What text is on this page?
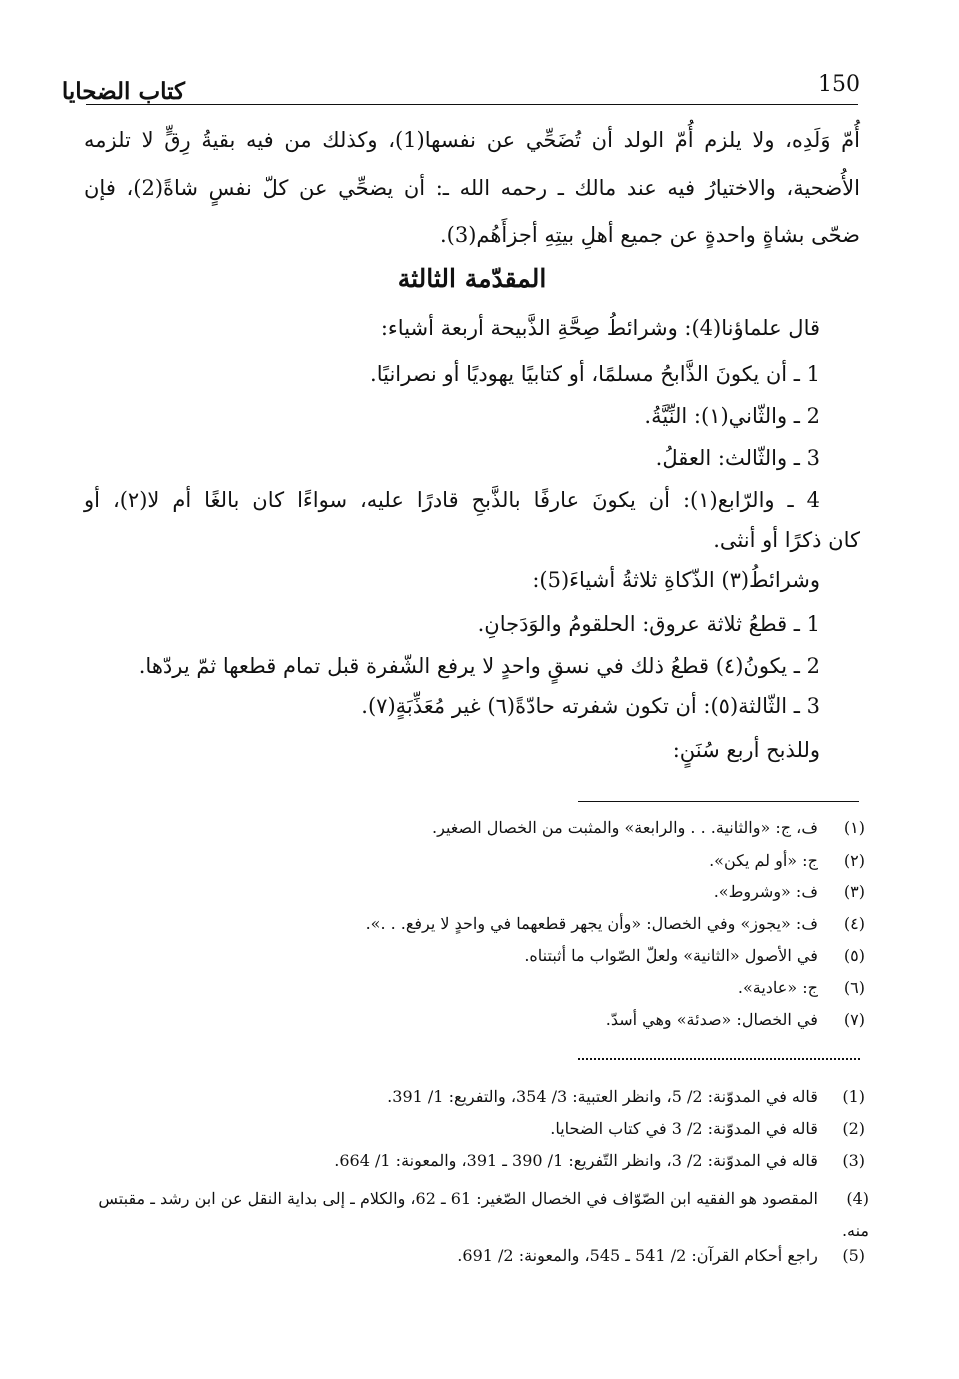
كتاب الضحايا	150
أُمّ وَلَدِه، ولا يلزم أُمّ الولد أن تُضَحِّي عن نفسها(1)، وكذلك من فيه بقيةُ رِقٍّ لا تلزمه
الأُضحية، والاختيارُ فيه عند مالك ـ رحمه الله ـ: أن يضحِّي عن كلّ نفسٍ شاةً(2)، فإن
ضحّى بشاةٍ واحدةٍ عن جميع أهلِ بيتِهِ أجزأَهُم(3).
المقدّمة الثالثة
قال علماؤنا(4): وشرائطُ صِحَّةِ الذَّبيحة أربعة أشياء:
1 ـ أن يكونَ الذَّابحُ مسلمًا، أو كتابيًا يهوديًا أو نصرانيًا.
2 ـ والثّاني(١): النِّيَّةُ.
3 ـ والثّالث: العقلُ.
4 ـ والرّابع(١): أن يكونَ عارفًا بالذَّبحِ قادرًا عليه، سواءًا كان بالغًا أم لا(٢)، أو
كان ذكرًا أو أنثى.
وشرائطُ(٣) الذّكاةِ ثلاثةُ أشياءَ(5):
1 ـ قطعُ ثلاثة عروق: الحلقومُ والوَدَجانِ.
2 ـ يكونُ(٤) قطعُ ذلك في نسقٍ واحدٍ لا يرفع الشّفرة قبل تمام قطعها ثمّ يردّها.
3 ـ الثّالثة(٥): أن تكون شفرته حادّةً(٦) غير مُعَذِّبَةٍ(٧).
وللذبح أربع سُنَنٍ:
(١) ف، ج: «والثانية. . . والرابعة» والمثبت من الخصال الصغير.
(٢) ج: «أو لم يكن».
(٣) ف: «وشروط».
(٤) ف: «يجوز» وفي الخصال: «وأن يجهر قطعهما في واحدٍ لا يرفع. . .».
(٥) في الأصول «الثانية» ولعلّ الصّواب ما أثبتناه.
(٦) ج: «عادية».
(٧) في الخصال: «صدئة» وهي أسدّ.
(1) قاله في المدوّنة: 2/ 5، وانظر العتبية: 3/ 354، والتفريع: 1/ 391.
(2) قاله في المدوّنة: 2/ 3 في كتاب الضحايا.
(3) قاله في المدوّنة: 2/ 3، وانظر التّفريع: 1/ 390 ـ 391، والمعونة: 1/ 664.
(4) المقصود هو الفقيه ابن الصّوّاف في الخصال الصّغير: 61 ـ 62، والكلام ـ إلى بداية النقل عن ابن رشد ـ مقبتس منه.
(5) راجع أحكام القرآن: 2/ 541 ـ 545، والمعونة: 2/ 691.
